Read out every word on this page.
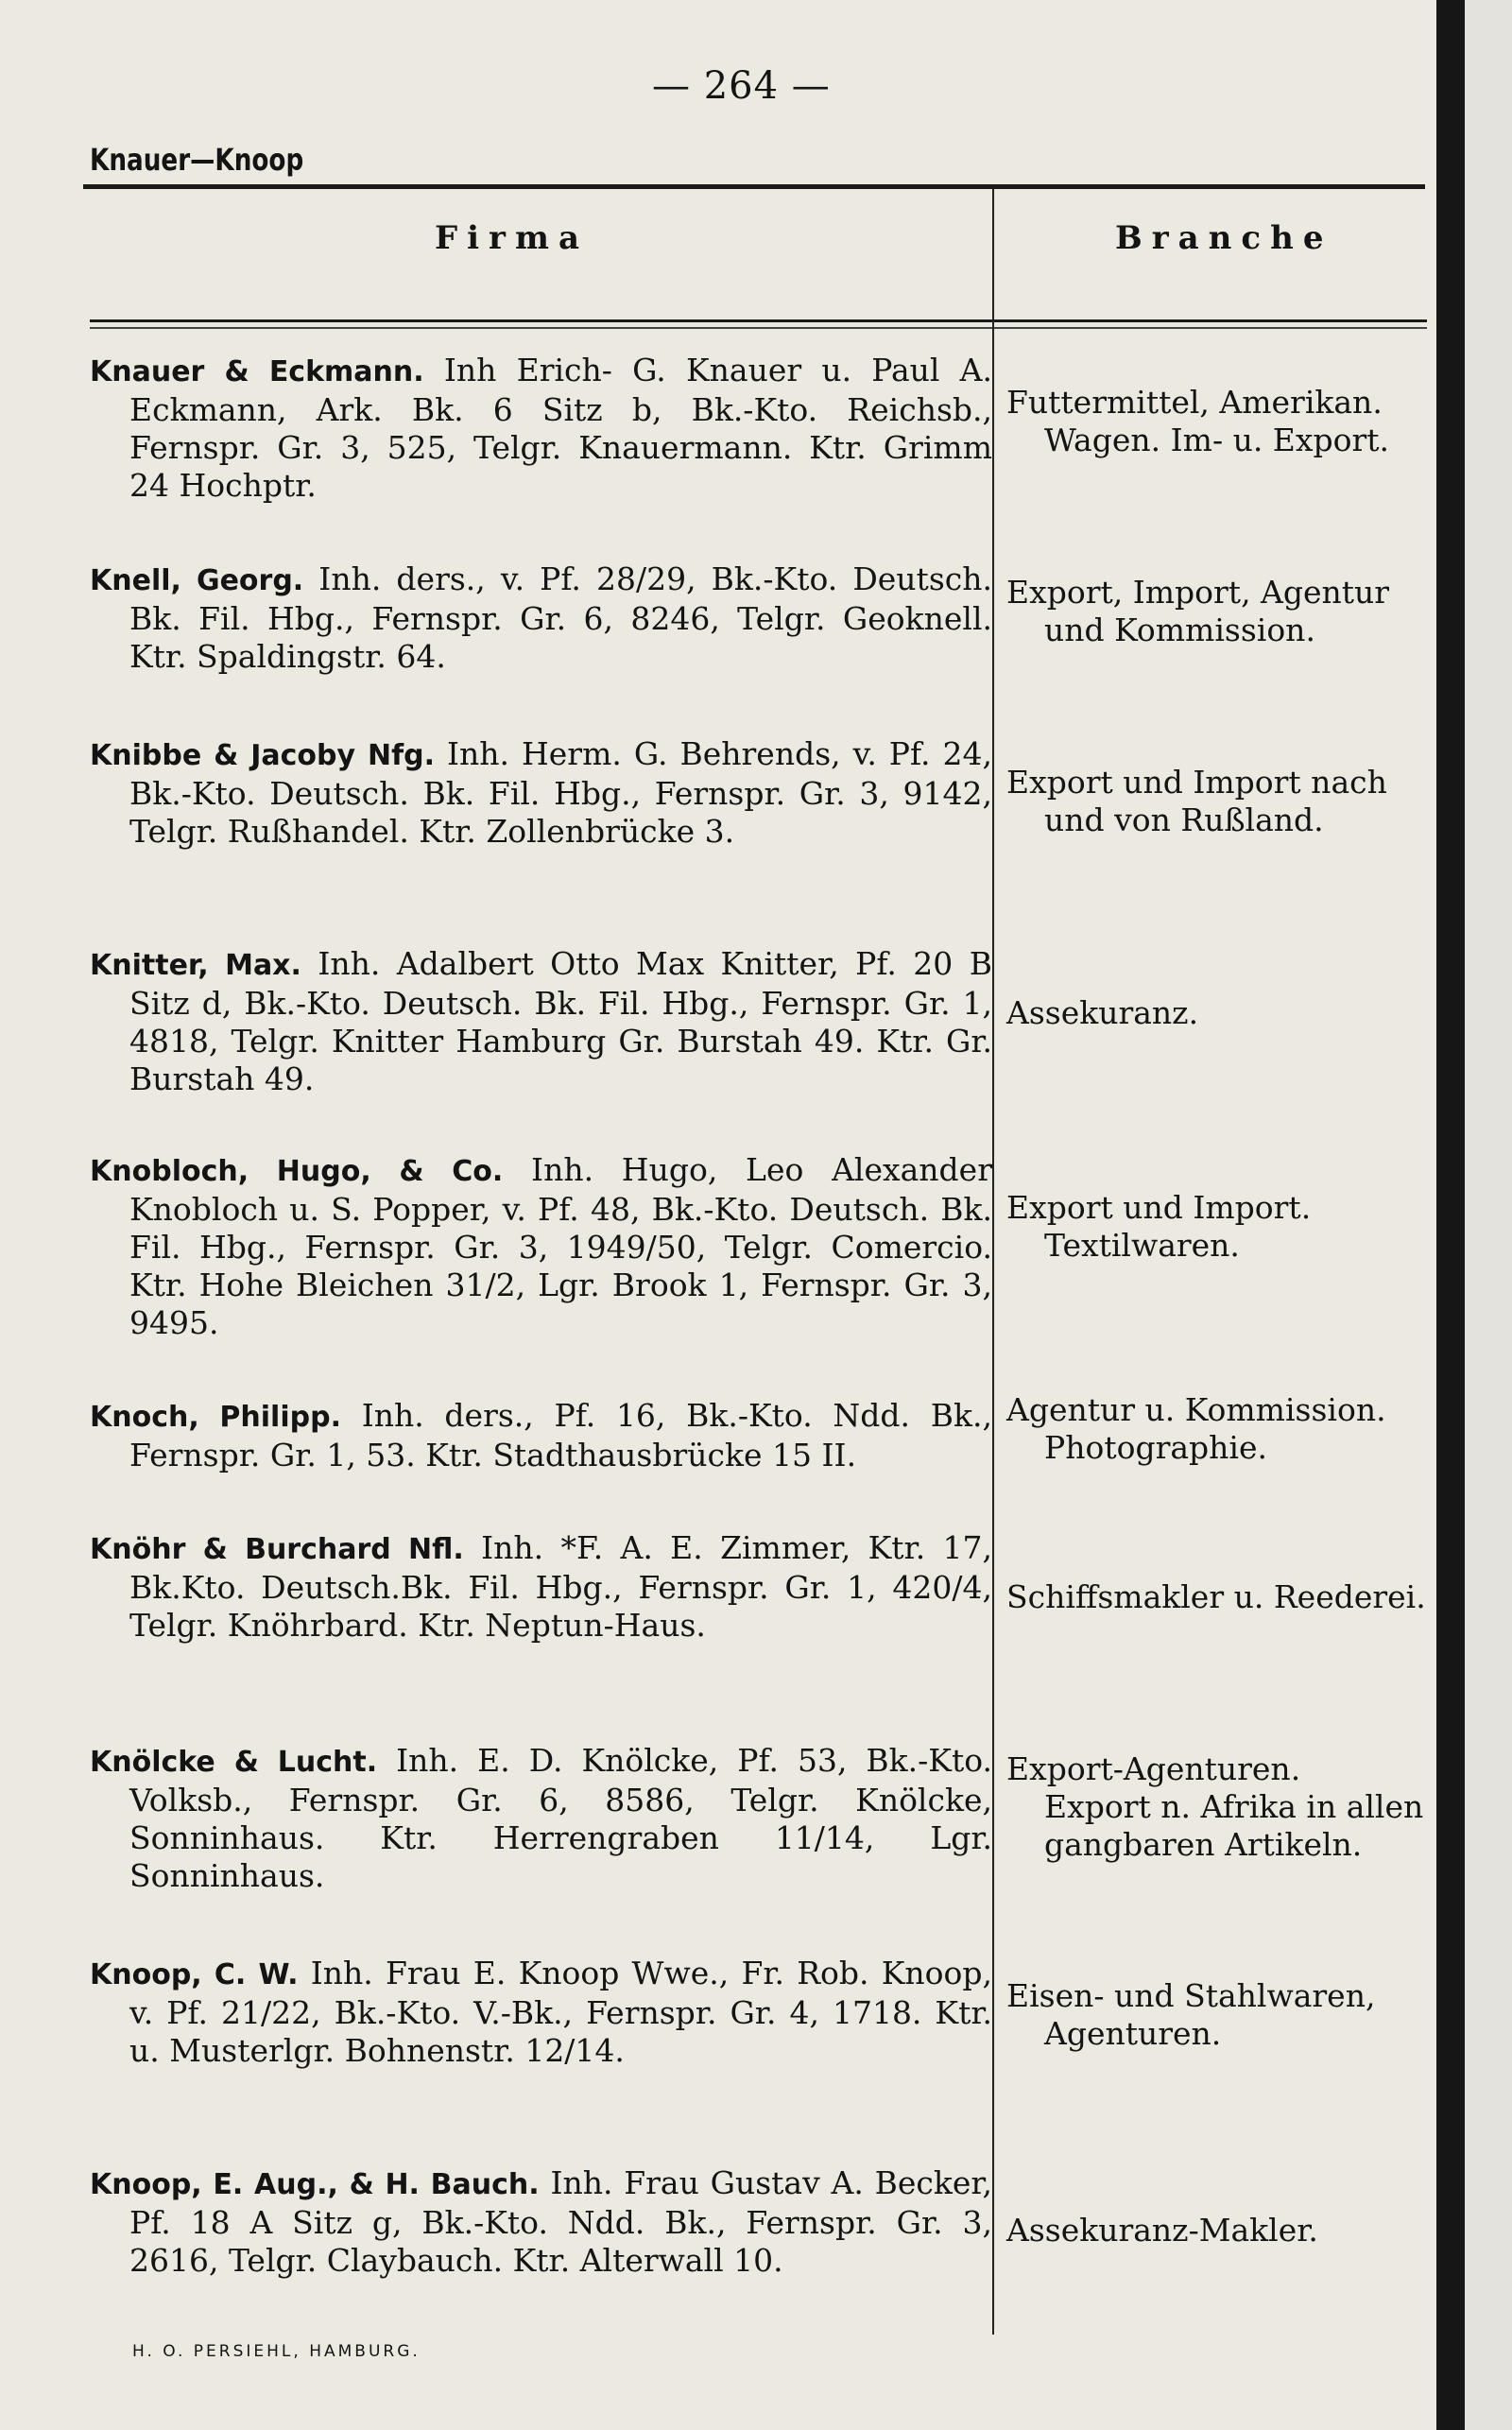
— 264 —
Knauer—Knoop
Firma	Branche
Knauer & Eckmann. Inh Erich- G. Knauer u. Paul A. Eckmann, Ark. Bk. 6 Sitz b, Bk.-Kto. Reichsb., Fernspr. Gr. 3, 525, Telgr. Knauermann. Ktr. Grimm 24 Hochptr.
Futtermittel, Amerikan.
Wagen. Im- u. Export.
Knell, Georg. Inh. ders., v. Pf. 28/29, Bk.-Kto. Deutsch. Bk. Fil. Hbg., Fernspr. Gr. 6, 8246, Telgr. Geoknell. Ktr. Spaldingstr. 64.
Export, Import, Agentur
und Kommission.
Knibbe & Jacoby Nfg. Inh. Herm. G. Behrends, v. Pf. 24, Bk.-Kto. Deutsch. Bk. Fil. Hbg., Fernspr. Gr. 3, 9142, Telgr. Rußhandel. Ktr. Zollenbrücke 3.
Export und Import nach
und von Rußland.
Knitter, Max. Inh. Adalbert Otto Max Knitter, Pf. 20 B Sitz d, Bk.-Kto. Deutsch. Bk. Fil. Hbg., Fernspr. Gr. 1, 4818, Telgr. Knitter Hamburg Gr. Burstah 49. Ktr. Gr. Burstah 49.
Assekuranz.
Knobloch, Hugo, & Co. Inh. Hugo, Leo Alexander Knobloch u. S. Popper, v. Pf. 48, Bk.-Kto. Deutsch. Bk. Fil. Hbg., Fernspr. Gr. 3, 1949/50, Telgr. Comercio. Ktr. Hohe Bleichen 31/2, Lgr. Brook 1, Fernspr. Gr. 3, 9495.
Export und Import.
Textilwaren.
Knoch, Philipp. Inh. ders., Pf. 16, Bk.-Kto. Ndd. Bk., Fernspr. Gr. 1, 53. Ktr. Stadthausbrücke 15 II.
Agentur u. Kommission.
Photographie.
Knöhr & Burchard Nfl. Inh. *F. A. E. Zimmer, Ktr. 17, Bk.Kto. Deutsch.Bk. Fil. Hbg., Fernspr. Gr. 1, 420/4, Telgr. Knöhrbard. Ktr. Neptun-Haus.
Schiffsmakler u. Reederei.
Knölcke & Lucht. Inh. E. D. Knölcke, Pf. 53, Bk.-Kto. Volksb., Fernspr. Gr. 6, 8586, Telgr. Knölcke, Sonninhaus. Ktr. Herrengraben 11/14, Lgr. Sonninhaus.
Export-Agenturen.
Export n. Afrika in allen
gangbaren Artikeln.
Knoop, C. W. Inh. Frau E. Knoop Wwe., Fr. Rob. Knoop, v. Pf. 21/22, Bk.-Kto. V.-Bk., Fernspr. Gr. 4, 1718. Ktr. u. Musterlgr. Bohnenstr. 12/14.
Eisen- und Stahlwaren,
Agenturen.
Knoop, E. Aug., & H. Bauch. Inh. Frau Gustav A. Becker, Pf. 18 A Sitz g, Bk.-Kto. Ndd. Bk., Fernspr. Gr. 3, 2616, Telgr. Claybauch. Ktr. Alterwall 10.
Assekuranz-Makler.
H. O. PERSIEHL, HAMBURG.
